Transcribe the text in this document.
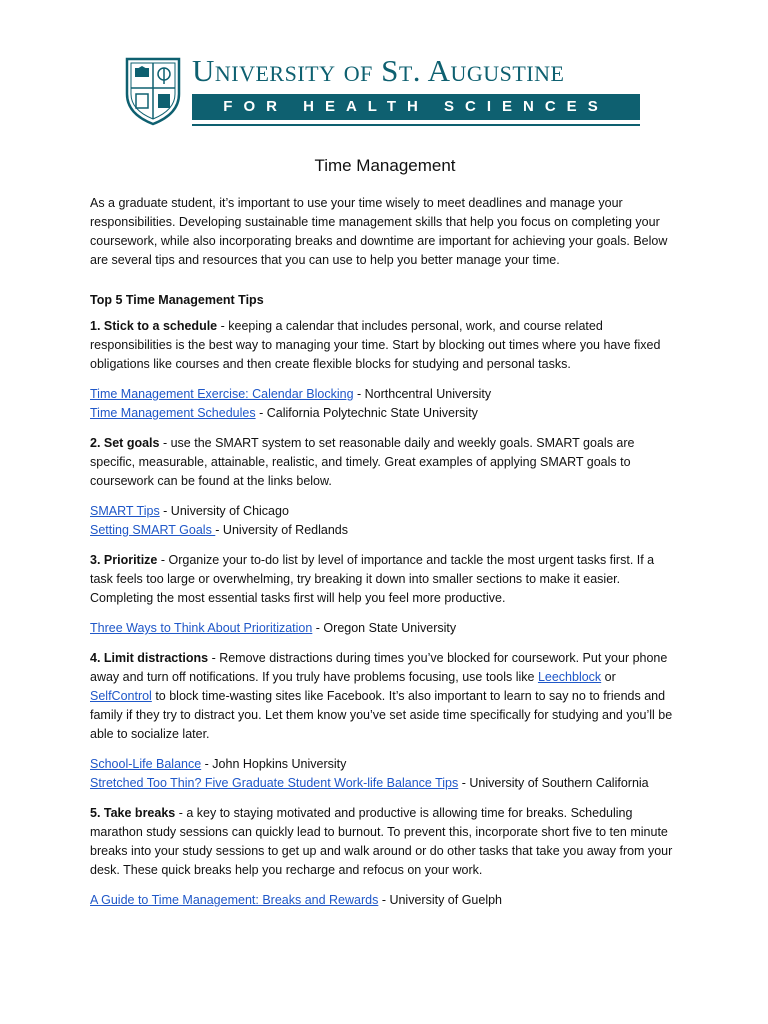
University of St. Augustine
FOR HEALTH SCIENCES
Time Management

As a graduate student, it’s important to use your time wisely to meet deadlines and manage your responsibilities. Developing sustainable time management skills that help you focus on completing your coursework, while also incorporating breaks and downtime are important for achieving your goals. Below are several tips and resources that you can use to help you better manage your time.

Top 5 Time Management Tips

1. Stick to a schedule - keeping a calendar that includes personal, work, and course related responsibilities is the best way to managing your time. Start by blocking out times where you have fixed obligations like courses and then create flexible blocks for studying and personal tasks.

Time Management Exercise: Calendar Blocking - Northcentral University
Time Management Schedules - California Polytechnic State University

2. Set goals - use the SMART system to set reasonable daily and weekly goals. SMART goals are specific, measurable, attainable, realistic, and timely. Great examples of applying SMART goals to coursework can be found at the links below.

SMART Tips - University of Chicago
Setting SMART Goals - University of Redlands

3. Prioritize - Organize your to-do list by level of importance and tackle the most urgent tasks first. If a task feels too large or overwhelming, try breaking it down into smaller sections to make it easier. Completing the most essential tasks first will help you feel more productive.

Three Ways to Think About Prioritization - Oregon State University

4. Limit distractions - Remove distractions during times you’ve blocked for coursework. Put your phone away and turn off notifications. If you truly have problems focusing, use tools like Leechblock or SelfControl to block time-wasting sites like Facebook. It’s also important to learn to say no to friends and family if they try to distract you. Let them know you’ve set aside time specifically for studying and you’ll be able to socialize later.

School-Life Balance - John Hopkins University
Stretched Too Thin? Five Graduate Student Work-life Balance Tips - University of Southern California

5. Take breaks - a key to staying motivated and productive is allowing time for breaks. Scheduling marathon study sessions can quickly lead to burnout. To prevent this, incorporate short five to ten minute breaks into your study sessions to get up and walk around or do other tasks that take you away from your desk. These quick breaks help you recharge and refocus on your work.

A Guide to Time Management: Breaks and Rewards - University of Guelph
